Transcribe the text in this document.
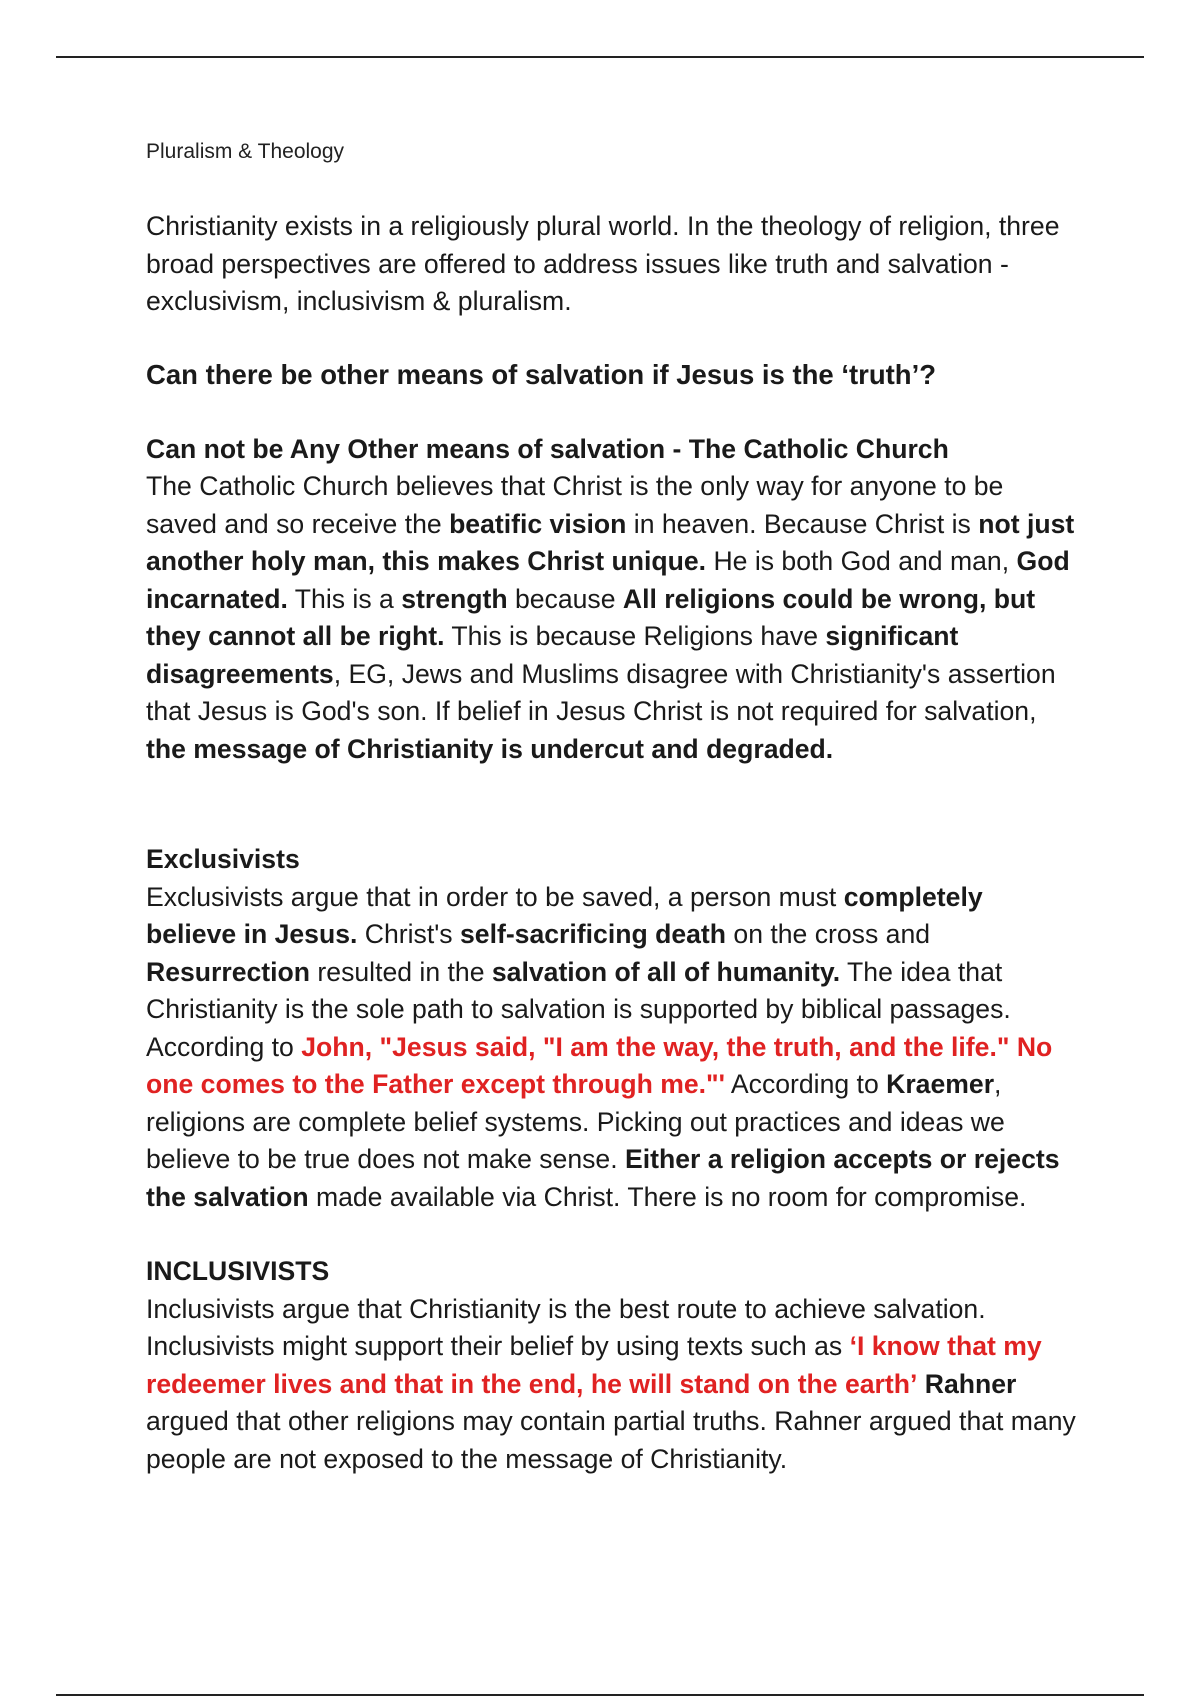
Pluralism & Theology

Christianity exists in a religiously plural world. In the theology of religion, three broad perspectives are offered to address issues like truth and salvation - exclusivism, inclusivism & pluralism.

Can there be other means of salvation if Jesus is the ‘truth’?

Can not be Any Other means of salvation - The Catholic Church

The Catholic Church believes that Christ is the only way for anyone to be saved and so receive the beatific vision in heaven. Because Christ is not just another holy man, this makes Christ unique. He is both God and man, God incarnated. This is a strength because All religions could be wrong, but they cannot all be right. This is because Religions have significant disagreements, EG, Jews and Muslims disagree with Christianity's assertion that Jesus is God's son. If belief in Jesus Christ is not required for salvation, the message of Christianity is undercut and degraded.

Exclusivists

Exclusivists argue that in order to be saved, a person must completely believe in Jesus. Christ's self-sacrificing death on the cross and Resurrection resulted in the salvation of all of humanity. The idea that Christianity is the sole path to salvation is supported by biblical passages. According to John, "Jesus said, "I am the way, the truth, and the life." No one comes to the Father except through me."' According to Kraemer, religions are complete belief systems. Picking out practices and ideas we believe to be true does not make sense. Either a religion accepts or rejects the salvation made available via Christ. There is no room for compromise.

INCLUSIVISTS

Inclusivists argue that Christianity is the best route to achieve salvation. Inclusivists might support their belief by using texts such as ‘I know that my redeemer lives and that in the end, he will stand on the earth’ Rahner argued that other religions may contain partial truths. Rahner argued that many people are not exposed to the message of Christianity.
